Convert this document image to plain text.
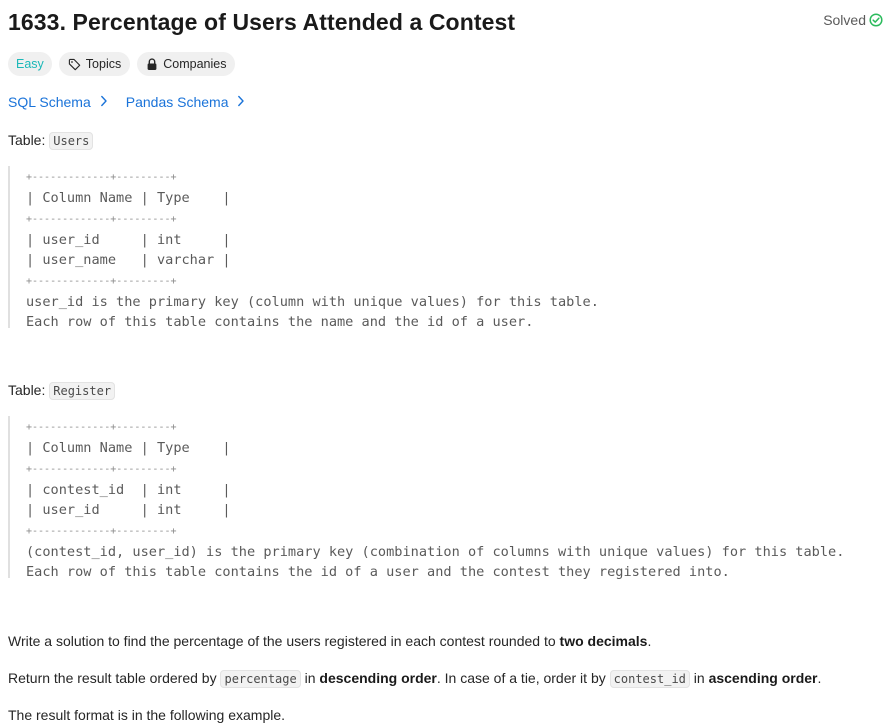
1633. Percentage of Users Attended a Contest	Solved
Easy	Topics	Companies
SQL Schema	Pandas Schema
Table: Users
+-------------+---------+
| Column Name | Type    |
+-------------+---------+
| user_id     | int     |
| user_name   | varchar |
+-------------+---------+
user_id is the primary key (column with unique values) for this table.
Each row of this table contains the name and the id of a user.
Table: Register
+-------------+---------+
| Column Name | Type    |
+-------------+---------+
| contest_id  | int     |
| user_id     | int     |
+-------------+---------+
(contest_id, user_id) is the primary key (combination of columns with unique values) for this table.
Each row of this table contains the id of a user and the contest they registered into.
Write a solution to find the percentage of the users registered in each contest rounded to two decimals.
Return the result table ordered by percentage in descending order. In case of a tie, order it by contest_id in ascending order.
The result format is in the following example.
